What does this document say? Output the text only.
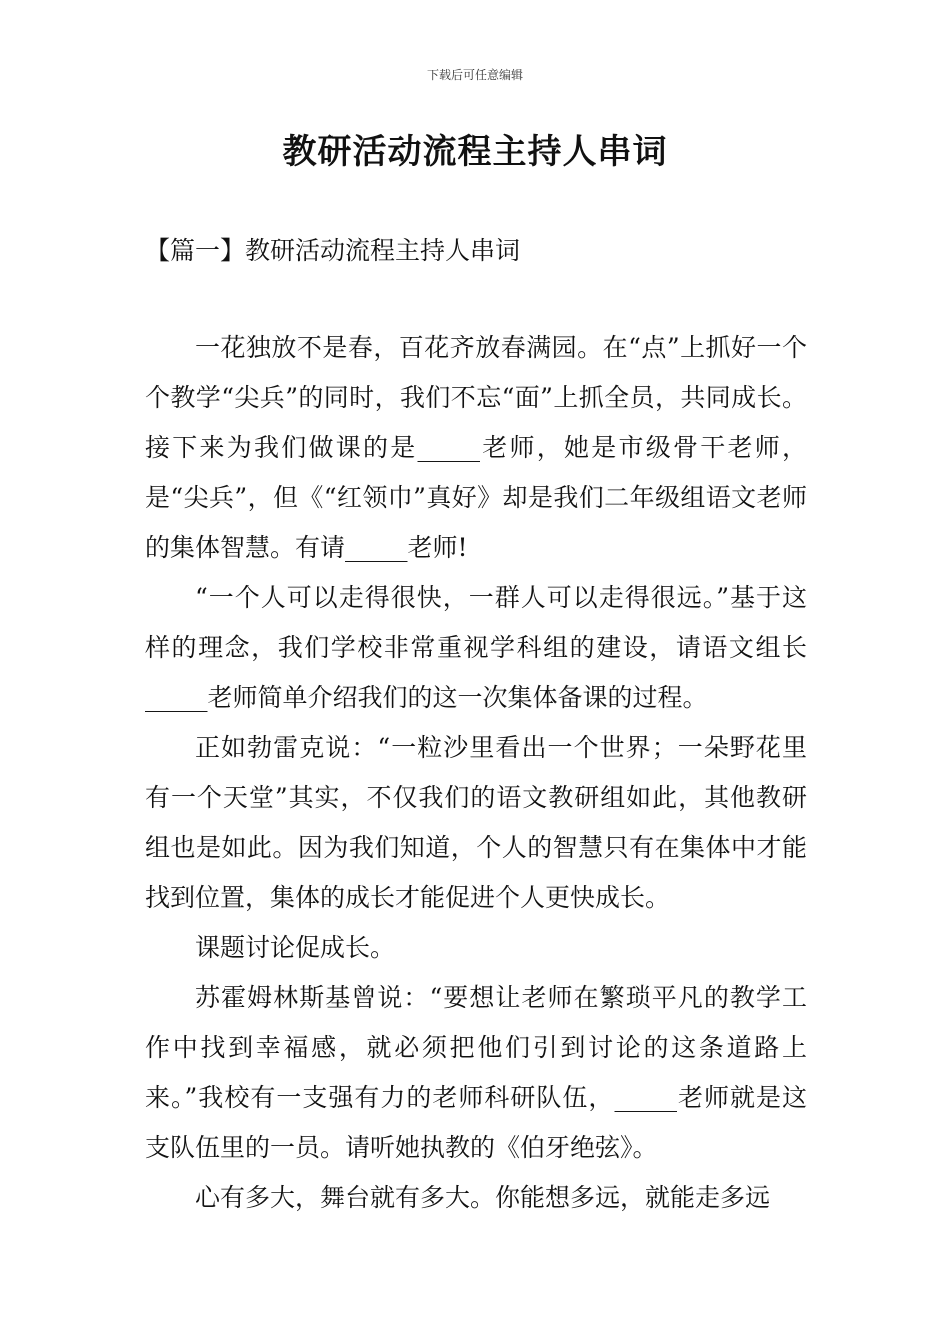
下载后可任意编辑
教研活动流程主持人串词
【篇一】教研活动流程主持人串词

一花独放不是春，百花齐放春满园。在“点”上抓好一个个教学“尖兵”的同时，我们不忘“面”上抓全员，共同成长。接下来为我们做课的是_____老师，她是市级骨干老师，是“尖兵”，但《“红领巾”真好》却是我们二年级组语文老师的集体智慧。有请_____老师!

“一个人可以走得很快，一群人可以走得很远。”基于这样的理念，我们学校非常重视学科组的建设，请语文组长_____老师简单介绍我们的这一次集体备课的过程。

正如勃雷克说：“一粒沙里看出一个世界；一朵野花里有一个天堂”其实，不仅我们的语文教研组如此，其他教研组也是如此。因为我们知道，个人的智慧只有在集体中才能找到位置，集体的成长才能促进个人更快成长。

课题讨论促成长。

苏霍姆林斯基曾说：“要想让老师在繁琐平凡的教学工作中找到幸福感，就必须把他们引到讨论的这条道路上来。”我校有一支强有力的老师科研队伍，_____老师就是这支队伍里的一员。请听她执教的《伯牙绝弦》。

心有多大，舞台就有多大。你能想多远，就能走多远
